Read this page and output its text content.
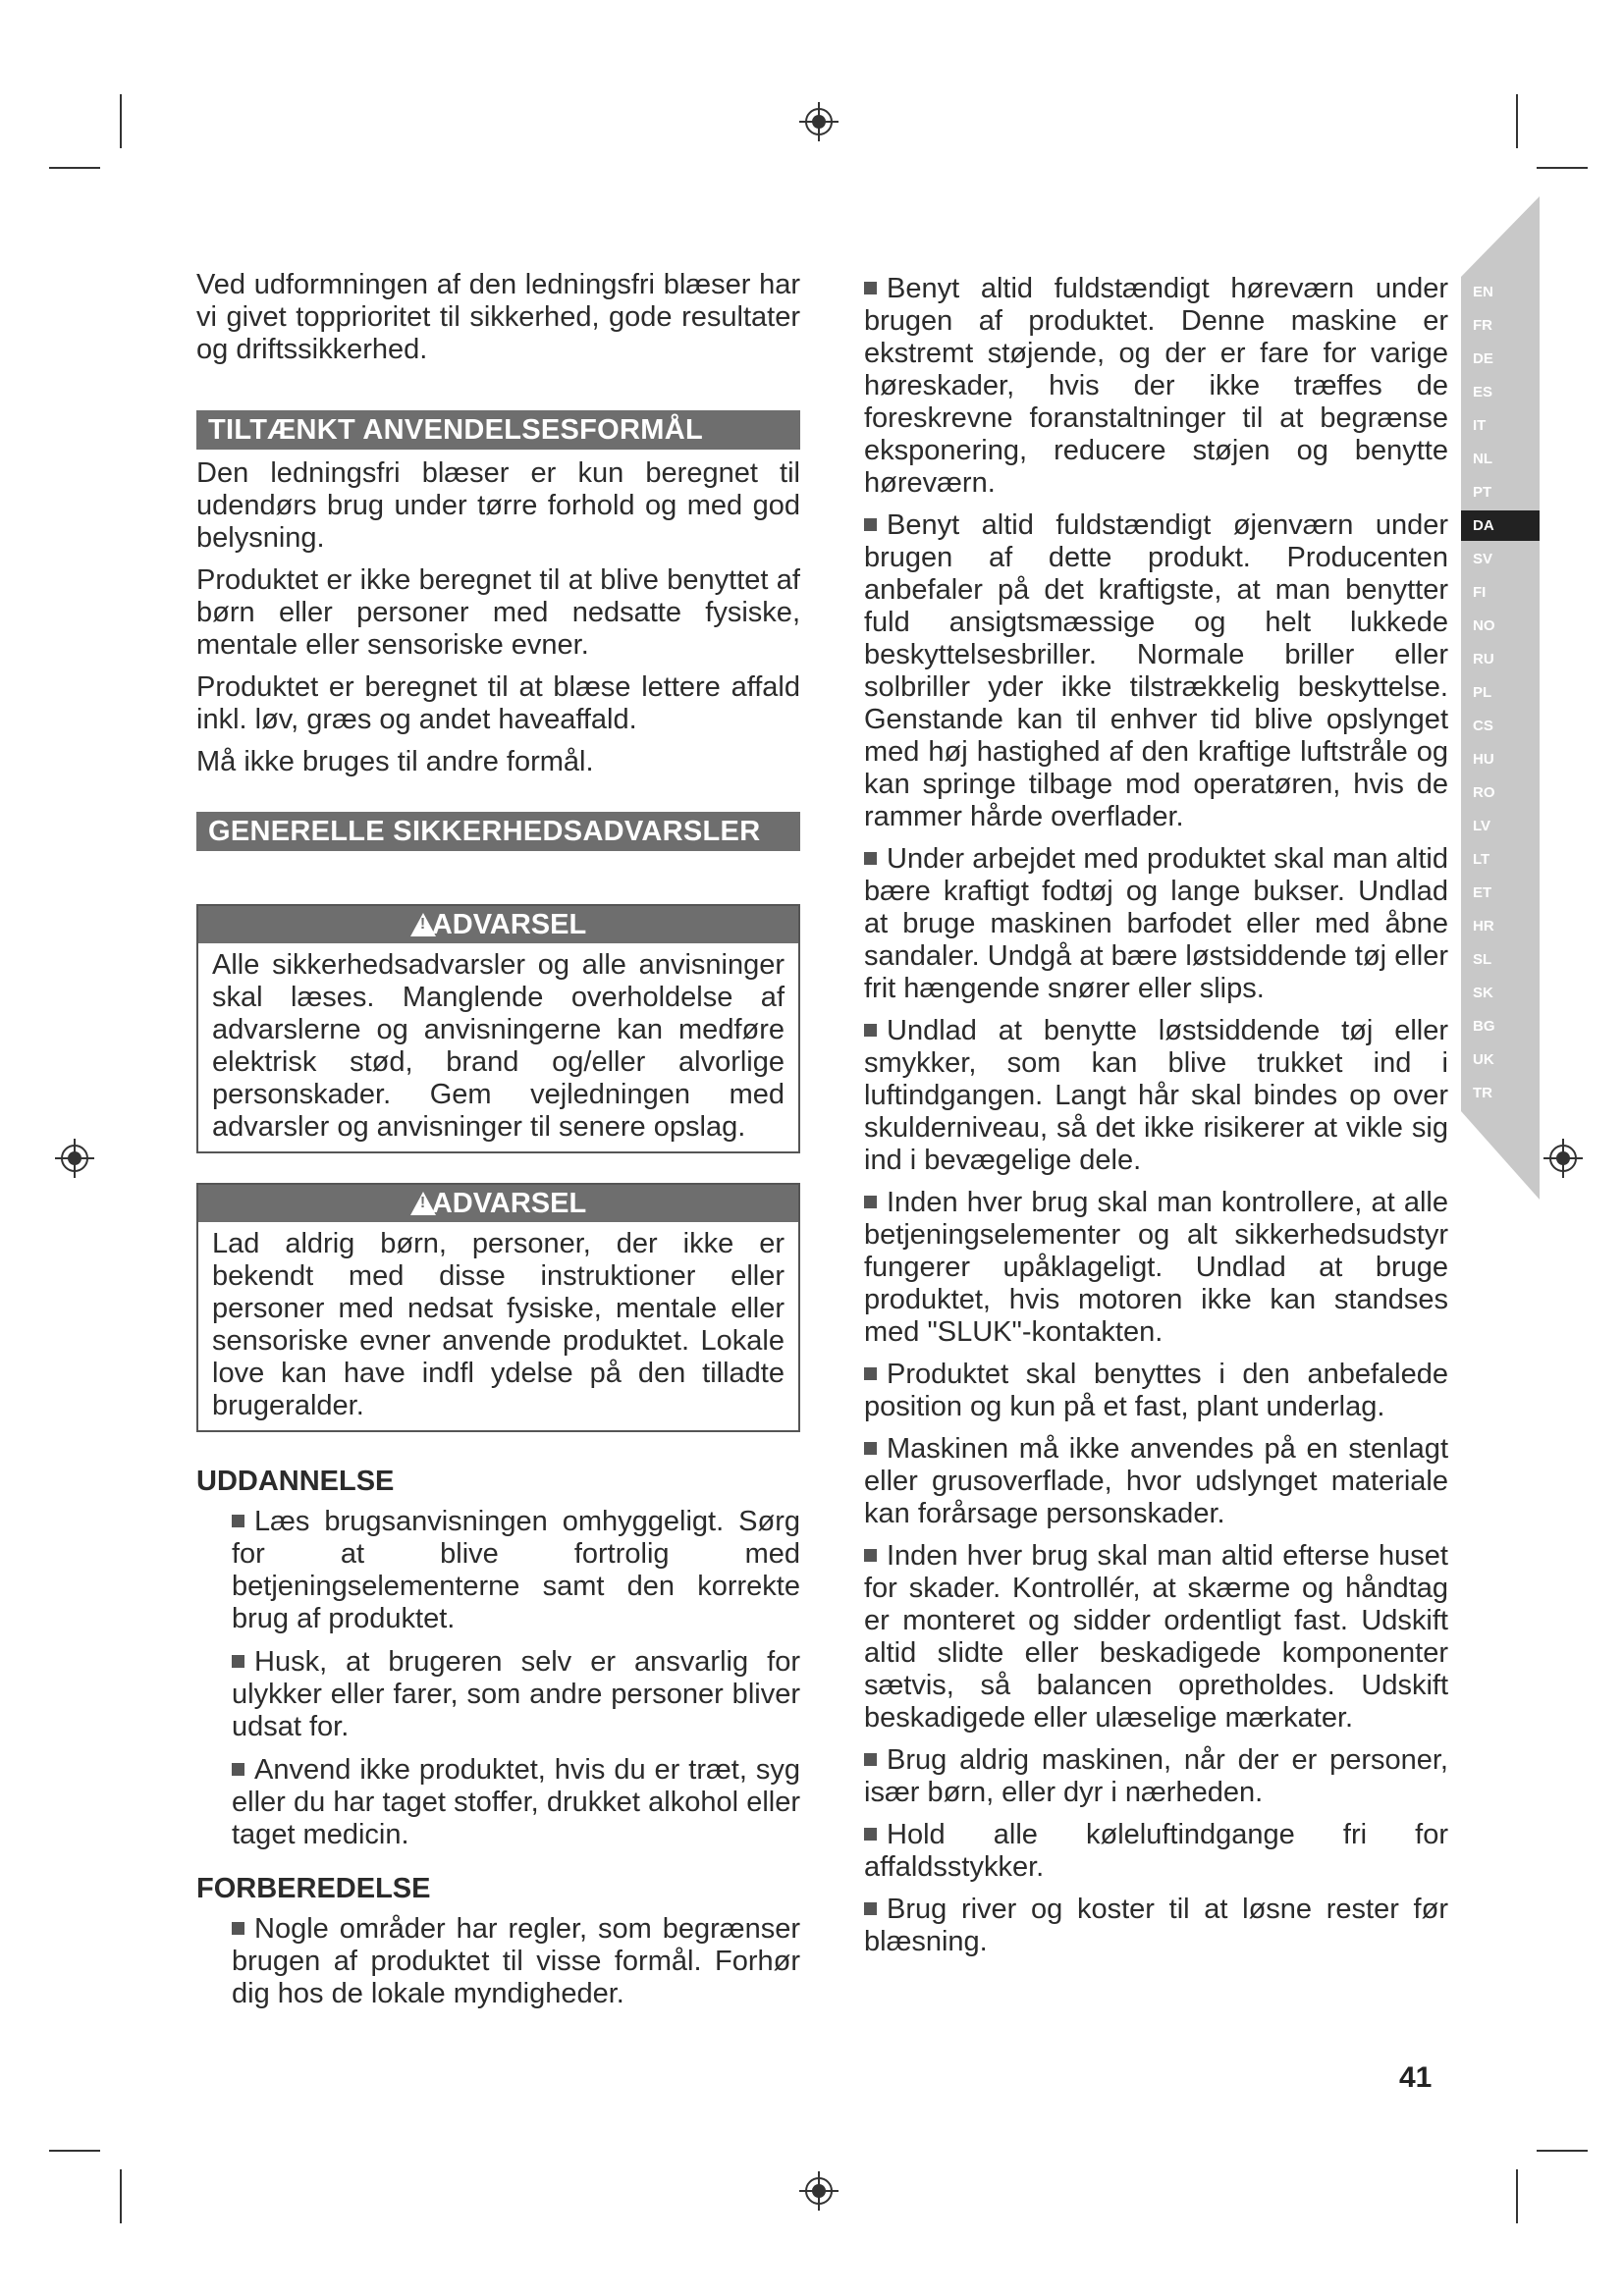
Ved udformningen af den ledningsfri blæser har vi givet topprioritet til sikkerhed, gode resultater og driftssikkerhed.

TILTÆNKT ANVENDELSESFORMÅL

Den ledningsfri blæser er kun beregnet til udendørs brug under tørre forhold og med god belysning.

Produktet er ikke beregnet til at blive benyttet af børn eller personer med nedsatte fysiske, mentale eller sensoriske evner.

Produktet er beregnet til at blæse lettere affald inkl. løv, græs og andet haveaffald.

Må ikke bruges til andre formål.

GENERELLE SIKKERHEDSADVARSLER
!
ADVARSEL
Alle sikkerhedsadvarsler og alle anvisninger skal læses. Manglende overholdelse af advarslerne og anvisningerne kan medføre elektrisk stød, brand og/eller alvorlige personskader. Gem vejledningen med advarsler og anvisninger til senere opslag.
!
ADVARSEL
Lad aldrig børn, personer, der ikke er bekendt med disse instruktioner eller personer med nedsat fysiske, mentale eller sensoriske evner anvende produktet. Lokale love kan have indfl ydelse på den tilladte brugeralder.
UDDANNELSE
Læs brugsanvisningen omhyggeligt. Sørg for at blive fortrolig med betjeningselementerne samt den korrekte brug af produktet.
Husk, at brugeren selv er ansvarlig for ulykker eller farer, som andre personer bliver udsat for.
Anvend ikke produktet, hvis du er træt, syg eller du har taget stoffer, drukket alkohol eller taget medicin.
FORBEREDELSE
Nogle områder har regler, som begrænser brugen af produktet til visse formål. Forhør dig hos de lokale myndigheder.
Benyt altid fuldstændigt høreværn under brugen af produktet. Denne maskine er ekstremt støjende, og der er fare for varige høreskader, hvis der ikke træffes de foreskrevne foranstaltninger til at begrænse eksponering, reducere støjen og benytte høreværn.
Benyt altid fuldstændigt øjenværn under brugen af dette produkt. Producenten anbefaler på det kraftigste, at man benytter fuld ansigtsmæssige og helt lukkede beskyttelsesbriller. Normale briller eller solbriller yder ikke tilstrækkelig beskyttelse. Genstande kan til enhver tid blive opslynget med høj hastighed af den kraftige luftstråle og kan springe tilbage mod operatøren, hvis de rammer hårde overflader.
Under arbejdet med produktet skal man altid bære kraftigt fodtøj og lange bukser. Undlad at bruge maskinen barfodet eller med åbne sandaler. Undgå at bære løstsiddende tøj eller frit hængende snører eller slips.
Undlad at benytte løstsiddende tøj eller smykker, som kan blive trukket ind i luftindgangen. Langt hår skal bindes op over skulderniveau, så det ikke risikerer at vikle sig ind i bevægelige dele.
Inden hver brug skal man kontrollere, at alle betjeningselementer og alt sikkerhedsudstyr fungerer upåklageligt. Undlad at bruge produktet, hvis motoren ikke kan standses med "SLUK"-kontakten.
Produktet skal benyttes i den anbefalede position og kun på et fast, plant underlag.
Maskinen må ikke anvendes på en stenlagt eller grusoverflade, hvor udslynget materiale kan forårsage personskader.
Inden hver brug skal man altid efterse huset for skader. Kontrollér, at skærme og håndtag er monteret og sidder ordentligt fast. Udskift altid slidte eller beskadigede komponenter sætvis, så balancen opretholdes. Udskift beskadigede eller ulæselige mærkater.
Brug aldrig maskinen, når der er personer, især børn, eller dyr i nærheden.
Hold alle køleluftindgange fri for affaldsstykker.
Brug river og koster til at løsne rester før blæsning.
EN
FR
DE
ES
IT
NL
PT
DA
SV
FI
NO
RU
PL
CS
HU
RO
LV
LT
ET
HR
SL
SK
BG
UK
TR
41
